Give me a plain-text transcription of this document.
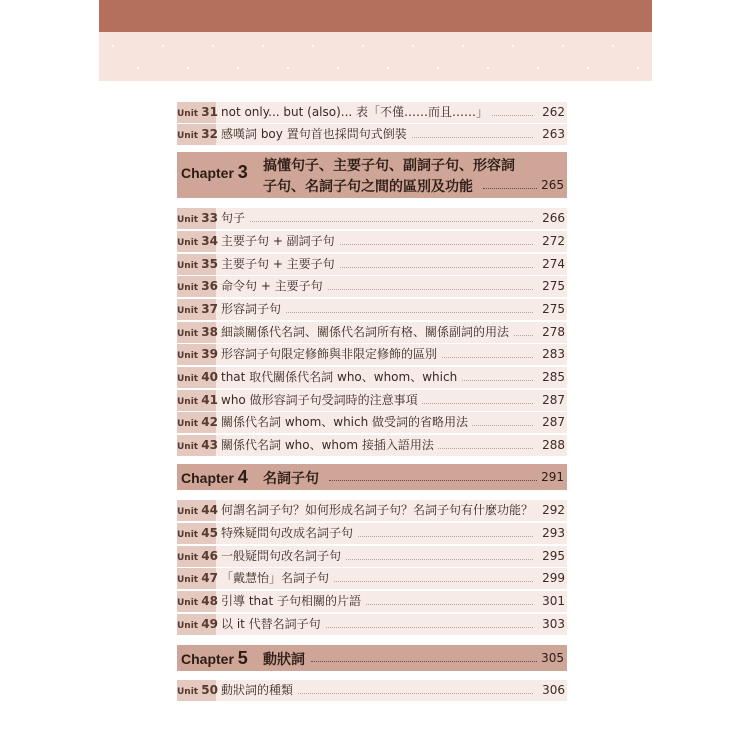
Unit 31 not only... but (also)... 表「不僅……而且……」	262
Unit 32 感嘆詞 boy 置句首也採問句式倒裝	263
Chapter 3 搞懂句子、主要子句、副詞子句、形容詞
子句、名詞子句之間的區別及功能	265
Unit 33 句子	266
Unit 34 主要子句 + 副詞子句	272
Unit 35 主要子句 + 主要子句	274
Unit 36 命令句 + 主要子句	275
Unit 37 形容詞子句	275
Unit 38 細談關係代名詞、關係代名詞所有格、關係副詞的用法	278
Unit 39 形容詞子句限定修飾與非限定修飾的區別	283
Unit 40 that 取代關係代名詞 who、whom、which	285
Unit 41 who 做形容詞子句受詞時的注意事項	287
Unit 42 關係代名詞 whom、which 做受詞的省略用法	287
Unit 43 關係代名詞 who、whom 接插入語用法	288
Chapter 4 名詞子句	291
Unit 44 何謂名詞子句？如何形成名詞子句？名詞子句有什麼功能？ 292
Unit 45 特殊疑問句改成名詞子句	293
Unit 46 一般疑問句改名詞子句	295
Unit 47 「戴慧怡」名詞子句	299
Unit 48 引導 that 子句相關的片語	301
Unit 49 以 it 代替名詞子句	303
Chapter 5 動狀詞	305
Unit 50 動狀詞的種類	306
